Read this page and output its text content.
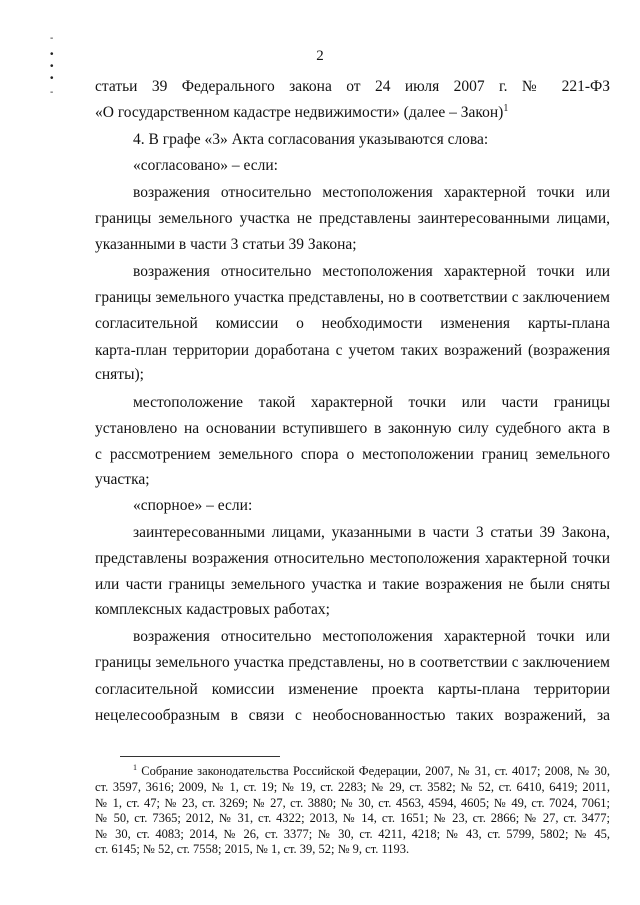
-
•
•
•
-
2
статьи 39 Федерального закона от 24 июля 2007 г. № 221-ФЗ
«О государственном кадастре недвижимости» (далее – Закон)$^1$
4. В графе «3» Акта согласования указываются слова:
«согласовано» – если:
возражения относительно местоположения характерной точки или
границы земельного участка не представлены заинтересованными лицами,
указанными в части 3 статьи 39 Закона;
возражения относительно местоположения характерной точки или
границы земельного участка представлены, но в соответствии с заключением
согласительной комиссии о необходимости изменения карты-плана
карта-план территории доработана с учетом таких возражений (возражения
сняты);
местоположение такой характерной точки или части границы
установлено на основании вступившего в законную силу судебного акта в
с рассмотрением земельного спора о местоположении границ земельного
участка;
«спорное» – если:
заинтересованными лицами, указанными в части 3 статьи 39 Закона,
представлены возражения относительно местоположения характерной точки
или части границы земельного участка и такие возражения не были сняты
комплексных кадастровых работах;
возражения относительно местоположения характерной точки или
границы земельного участка представлены, но в соответствии с заключением
согласительной комиссии изменение проекта карты-плана территории
нецелесообразным в связи с необоснованностью таких возражений, за
$^1$ Собрание законодательства Российской Федерации, 2007, № 31, ст. 4017; 2008, № 30,
ст. 3597, 3616; 2009, № 1, ст. 19; № 19, ст. 2283; № 29, ст. 3582; № 52, ст. 6410, 6419; 2011,
№ 1, ст. 47; № 23, ст. 3269; № 27, ст. 3880; № 30, ст. 4563, 4594, 4605; № 49, ст. 7024, 7061;
№ 50, ст. 7365; 2012, № 31, ст. 4322; 2013, № 14, ст. 1651; № 23, ст. 2866; № 27, ст. 3477;
№ 30, ст. 4083; 2014, № 26, ст. 3377; № 30, ст. 4211, 4218; № 43, ст. 5799, 5802; № 45,
ст. 6145; № 52, ст. 7558; 2015, № 1, ст. 39, 52; № 9, ст. 1193.
